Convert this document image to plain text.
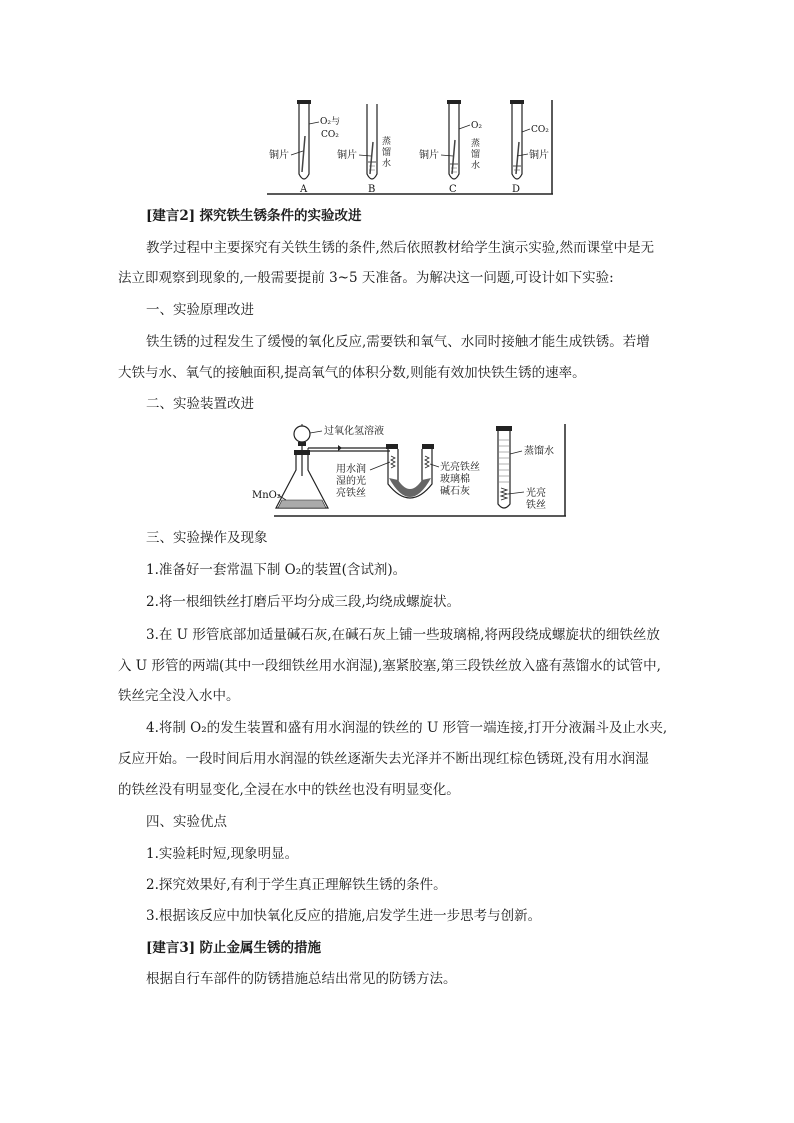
O₂与
CO₂
铜片
A
铜片
蒸
馏
水
B
O₂
铜片
蒸
馏
水
C
CO₂
铜片
D
[建言2] 探究铁生锈条件的实验改进
教学过程中主要探究有关铁生锈的条件,然后依照教材给学生演示实验,然而课堂中是无
法立即观察到现象的,一般需要提前 3~5 天准备。为解决这一问题,可设计如下实验:
一、实验原理改进
铁生锈的过程发生了缓慢的氧化反应,需要铁和氧气、水同时接触才能生成铁锈。若增
大铁与水、氧气的接触面积,提高氧气的体积分数,则能有效加快铁生锈的速率。
二、实验装置改进
过氧化氢溶液
MnO₂
用水润
湿的光
亮铁丝
光亮铁丝
玻璃棉
碱石灰
蒸馏水
光亮
铁丝
三、实验操作及现象
1.准备好一套常温下制 O₂的装置(含试剂)。
2.将一根细铁丝打磨后平均分成三段,均绕成螺旋状。
3.在 U 形管底部加适量碱石灰,在碱石灰上铺一些玻璃棉,将两段绕成螺旋状的细铁丝放
入 U 形管的两端(其中一段细铁丝用水润湿),塞紧胶塞,第三段铁丝放入盛有蒸馏水的试管中,
铁丝完全没入水中。
4.将制 O₂的发生装置和盛有用水润湿的铁丝的 U 形管一端连接,打开分液漏斗及止水夹,
反应开始。一段时间后用水润湿的铁丝逐渐失去光泽并不断出现红棕色锈斑,没有用水润湿
的铁丝没有明显变化,全浸在水中的铁丝也没有明显变化。
四、实验优点
1.实验耗时短,现象明显。
2.探究效果好,有利于学生真正理解铁生锈的条件。
3.根据该反应中加快氧化反应的措施,启发学生进一步思考与创新。
[建言3] 防止金属生锈的措施
根据自行车部件的防锈措施总结出常见的防锈方法。
